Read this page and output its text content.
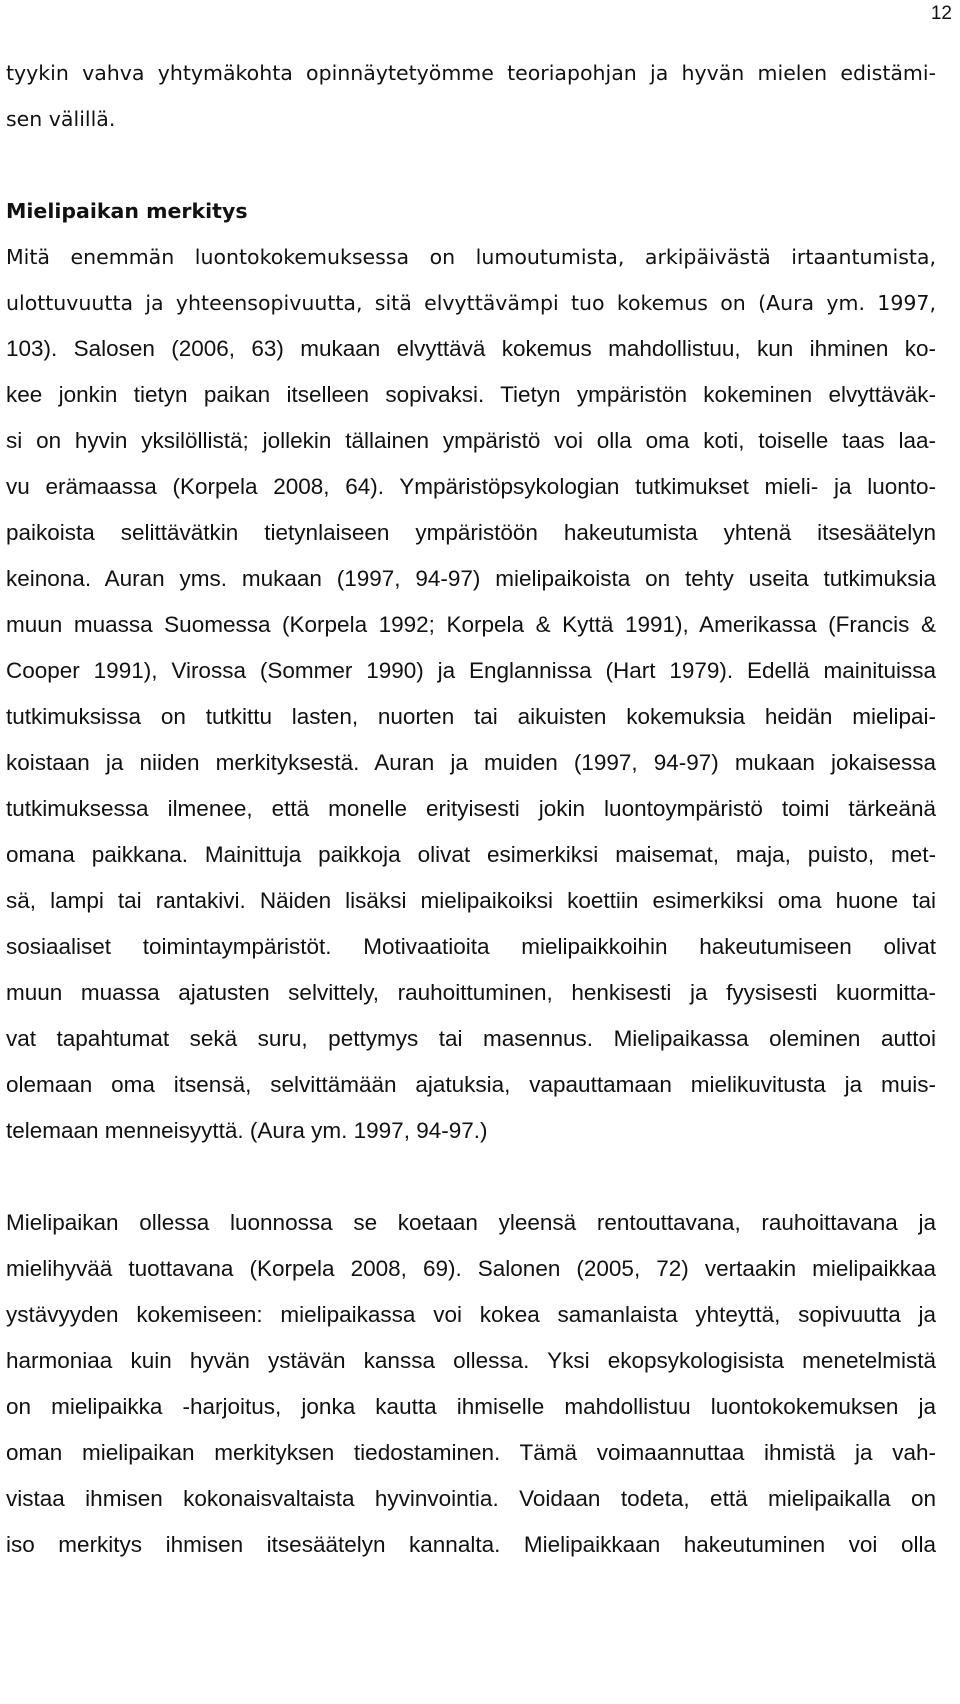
12
tyykin vahva yhtymäkohta opinnäytetyömme teoriapohjan ja hyvän mielen edistämi-
sen välillä.
Mielipaikan merkitys
Mitä enemmän luontokokemuksessa on lumoutumista, arkipäivästä irtaantumista,
ulottuvuutta ja yhteensopivuutta, sitä elvyttävämpi tuo kokemus on (Aura ym. 1997,
103). Salosen (2006, 63) mukaan elvyttävä kokemus mahdollistuu, kun ihminen ko-
kee jonkin tietyn paikan itselleen sopivaksi. Tietyn ympäristön kokeminen elvyttäväk-
si on hyvin yksilöllistä; jollekin tällainen ympäristö voi olla oma koti, toiselle taas laa-
vu erämaassa (Korpela 2008, 64). Ympäristöpsykologian tutkimukset mieli- ja luonto-
paikoista selittävätkin tietynlaiseen ympäristöön hakeutumista yhtenä itsesäätelyn
keinona. Auran yms. mukaan (1997, 94-97) mielipaikoista on tehty useita tutkimuksia
muun muassa Suomessa (Korpela 1992; Korpela & Kyttä 1991), Amerikassa (Francis &
Cooper 1991), Virossa (Sommer 1990) ja Englannissa (Hart 1979). Edellä mainituissa
tutkimuksissa on tutkittu lasten, nuorten tai aikuisten kokemuksia heidän mielipai-
koistaan ja niiden merkityksestä. Auran ja muiden (1997, 94-97) mukaan jokaisessa
tutkimuksessa ilmenee, että monelle erityisesti jokin luontoympäristö toimi tärkeänä
omana paikkana. Mainittuja paikkoja olivat esimerkiksi maisemat, maja, puisto, met-
sä, lampi tai rantakivi. Näiden lisäksi mielipaikoiksi koettiin esimerkiksi oma huone tai
sosiaaliset toimintaympäristöt. Motivaatioita mielipaikkoihin hakeutumiseen olivat
muun muassa ajatusten selvittely, rauhoittuminen, henkisesti ja fyysisesti kuormitta-
vat tapahtumat sekä suru, pettymys tai masennus. Mielipaikassa oleminen auttoi
olemaan oma itsensä, selvittämään ajatuksia, vapauttamaan mielikuvitusta ja muis-
telemaan menneisyyttä. (Aura ym. 1997, 94-97.)
Mielipaikan ollessa luonnossa se koetaan yleensä rentouttavana, rauhoittavana ja
mielihyvää tuottavana (Korpela 2008, 69). Salonen (2005, 72) vertaakin mielipaikkaa
ystävyyden kokemiseen: mielipaikassa voi kokea samanlaista yhteyttä, sopivuutta ja
harmoniaa kuin hyvän ystävän kanssa ollessa. Yksi ekopsykologisista menetelmistä
on mielipaikka -harjoitus, jonka kautta ihmiselle mahdollistuu luontokokemuksen ja
oman mielipaikan merkityksen tiedostaminen. Tämä voimaannuttaa ihmistä ja vah-
vistaa ihmisen kokonaisvaltaista hyvinvointia. Voidaan todeta, että mielipaikalla on
iso merkitys ihmisen itsesäätelyn kannalta. Mielipaikkaan hakeutuminen voi olla
